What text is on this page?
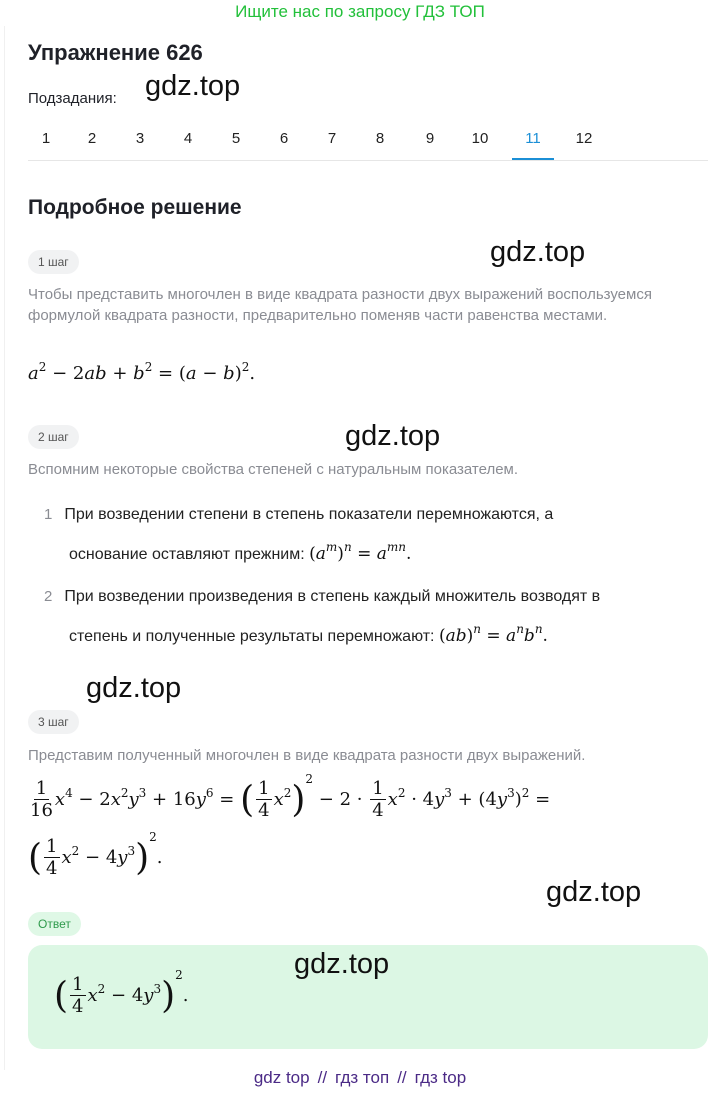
Ищите нас по запросу ГДЗ ТОП
Упражнение 626
Подзадания: gdz.top
1	2	3	4	5	6	7	8	9	10	11	12
Подробное решение
1 шаг	gdz.top
Чтобы представить многочлен в виде квадрата разности двух выражений воспользуемся формулой квадрата разности, предварительно поменяв части равенства местами.
$a^2 - 2ab + b^2 = (a - b)^2$.
2 шаг	gdz.top
Вспомним некоторые свойства степеней с натуральным показателем.
1 При возведении степени в степень показатели перемножаются, а
основание оставляют прежним: $(a^m)^n = a^{mn}$.
2 При возведении произведения в степень каждый множитель возводят в
степень и полученные результаты перемножают: $(ab)^n = a^nb^n$.
gdz.top
3 шаг
Представим полученный многочлен в виде квадрата разности двух выражений.
$\frac{1}{16} x^4 - 2x^2y^3 + 16y^6$ = ( $\frac{1}{4} x^2)^2 - 2 \cdot \frac{1}{4} x^2 \cdot 4y^3 + (4y^3)^2$ =
( $\frac{1}{4} x^2 - 4y^3)^2$.
gdz.top
Ответ
gdz.top
( $\frac{1}{4} x^2 - 4y^3)^2$.
gdz top // гдз топ // гдз top
